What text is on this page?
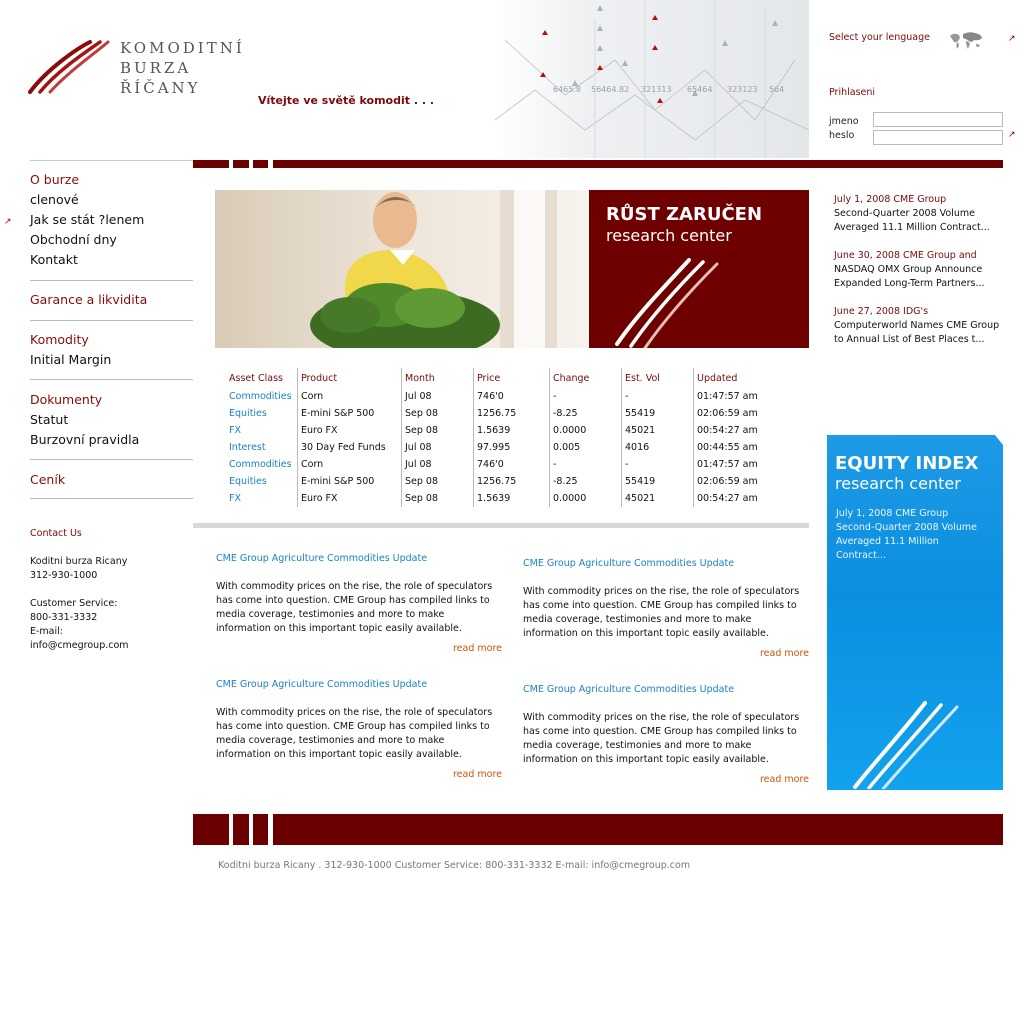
KOMODITNÍ
BURZA
ŘÍČANY
Vítejte ve světě komodit . . .
6465.8 56464.82 321313 65464 323123 564
Select your lenguage	↗
Prihlaseni
jmeno
heslo	↗
↗
O burze
clenové
Jak se stát ?lenem
Obchodní dny
Kontakt
Garance a likvidita
Komodity
Initial Margin
Dokumenty
Statut
Burzovní pravidla
Ceník
Contact Us
Koditni burza Ricany
312-930-1000
Customer Service:
800-331-3332
E-mail:
info@cmegroup.com
RŮST ZARUČEN
research center
Asset Class	Product	Month	Price	Change	Est. Vol	Updated
Commodities	Corn	Jul 08	746'0	-	-	01:47:57 am
Equities	E-mini S&P 500	Sep 08	1256.75	-8.25	55419	02:06:59 am
FX	Euro FX	Sep 08	1.5639	0.0000	45021	00:54:27 am
Interest	30 Day Fed Funds	Jul 08	97.995	0.005	4016	00:44:55 am
Commodities	Corn	Jul 08	746'0	-	-	01:47:57 am
Equities	E-mini S&P 500	Sep 08	1256.75	-8.25	55419	02:06:59 am
FX	Euro FX	Sep 08	1.5639	0.0000	45021	00:54:27 am
CME Group Agriculture Commodities Update
With commodity prices on the rise, the role of speculators has come into question. CME Group has compiled links to media coverage, testimonies and more to make information on this important topic easily available.
read more
CME Group Agriculture Commodities Update
With commodity prices on the rise, the role of speculators has come into question. CME Group has compiled links to media coverage, testimonies and more to make information on this important topic easily available.
read more
CME Group Agriculture Commodities Update
With commodity prices on the rise, the role of speculators has come into question. CME Group has compiled links to media coverage, testimonies and more to make information on this important topic easily available.
read more
CME Group Agriculture Commodities Update
With commodity prices on the rise, the role of speculators has come into question. CME Group has compiled links to media coverage, testimonies and more to make information on this important topic easily available.
read more
July 1, 2008 CME Group
Second-Quarter 2008 Volume Averaged 11.1 Million Contract...
June 30, 2008 CME Group and
NASDAQ OMX Group Announce Expanded Long-Term Partners...
June 27, 2008 IDG's
Computerworld Names CME Group to Annual List of Best Places t...
EQUITY INDEX
research center
July 1, 2008 CME Group Second-Quarter 2008 Volume Averaged 11.1 Million Contract...
Koditni burza Ricany . 312-930-1000 Customer Service: 800-331-3332 E-mail: info@cmegroup.com
